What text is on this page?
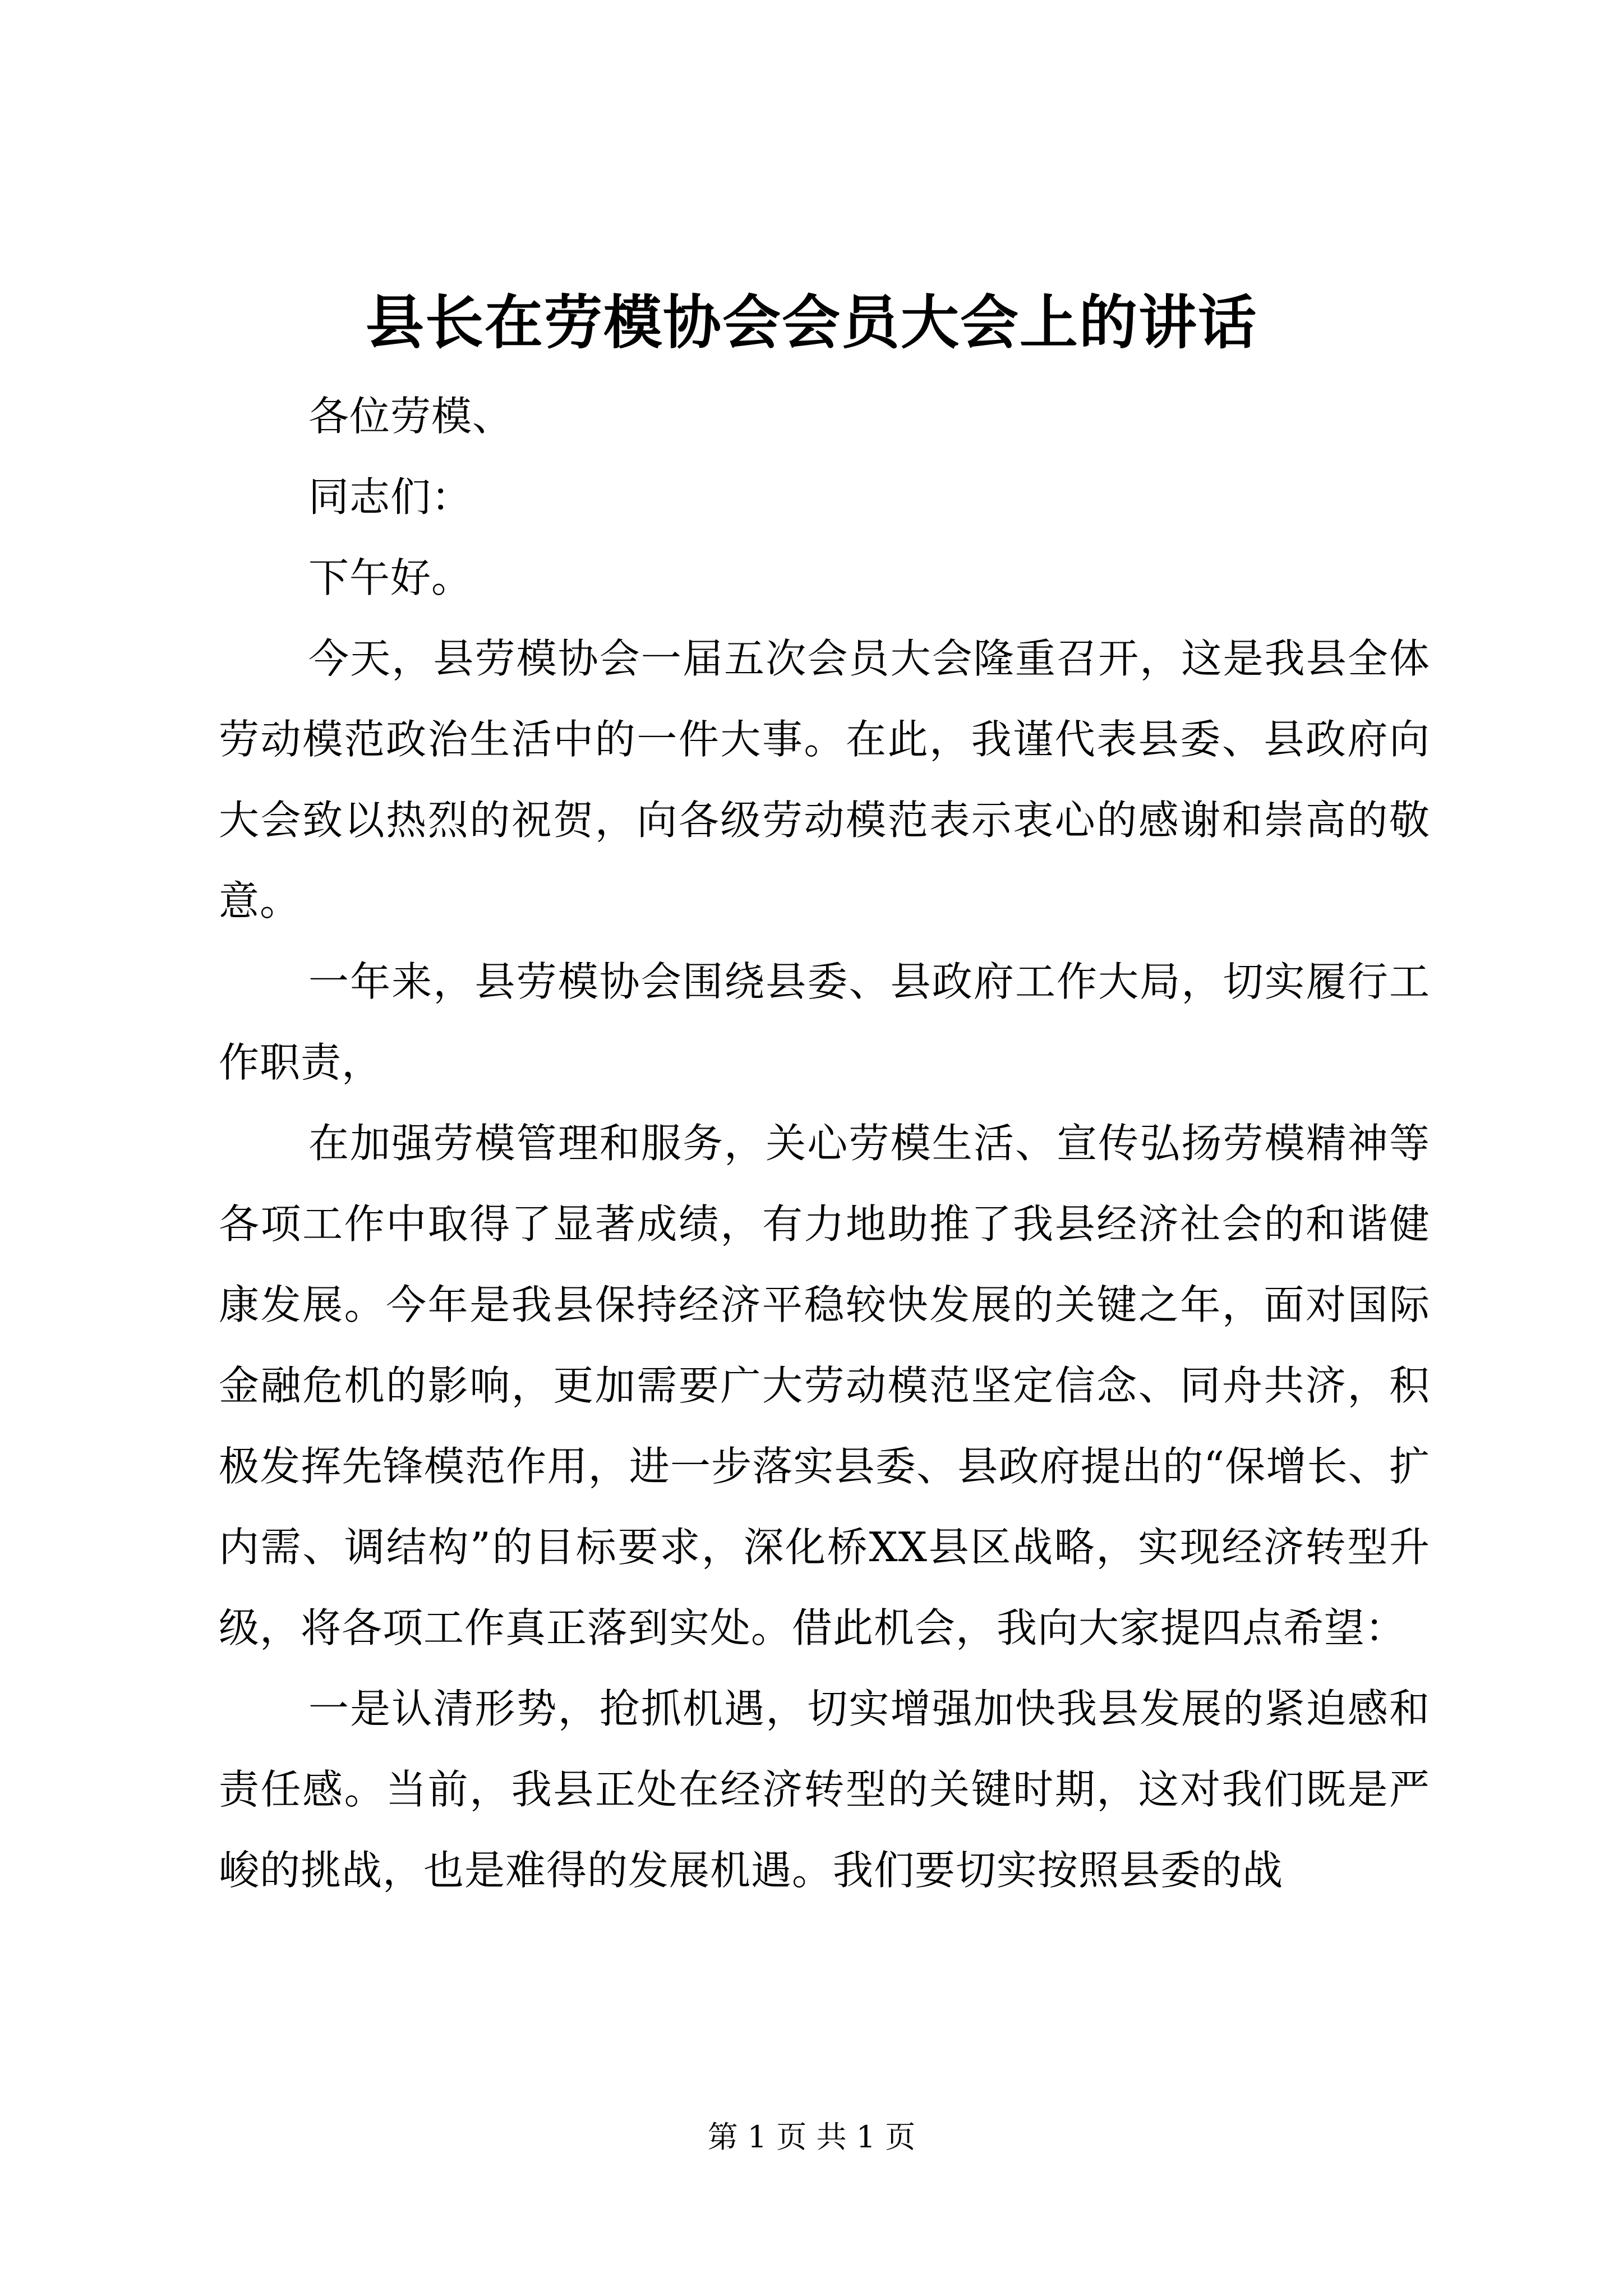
县长在劳模协会会员大会上的讲话

各位劳模、

同志们：

下午好。

今天，县劳模协会一届五次会员大会隆重召开，这是我县全体劳动模范政治生活中的一件大事。在此，我谨代表县委、县政府向大会致以热烈的祝贺，向各级劳动模范表示衷心的感谢和崇高的敬意。

一年来，县劳模协会围绕县委、县政府工作大局，切实履行工作职责，

在加强劳模管理和服务，关心劳模生活、宣传弘扬劳模精神等各项工作中取得了显著成绩，有力地助推了我县经济社会的和谐健康发展。今年是我县保持经济平稳较快发展的关键之年，面对国际金融危机的影响，更加需要广大劳动模范坚定信念、同舟共济，积极发挥先锋模范作用，进一步落实县委、县政府提出的“保增长、扩内需、调结构”的目标要求，深化桥XX县区战略，实现经济转型升级，将各项工作真正落到实处。借此机会，我向大家提四点希望：

一是认清形势，抢抓机遇，切实增强加快我县发展的紧迫感和责任感。当前，我县正处在经济转型的关键时期，这对我们既是严峻的挑战，也是难得的发展机遇。我们要切实按照县委的战

第 1 页 共 1 页
